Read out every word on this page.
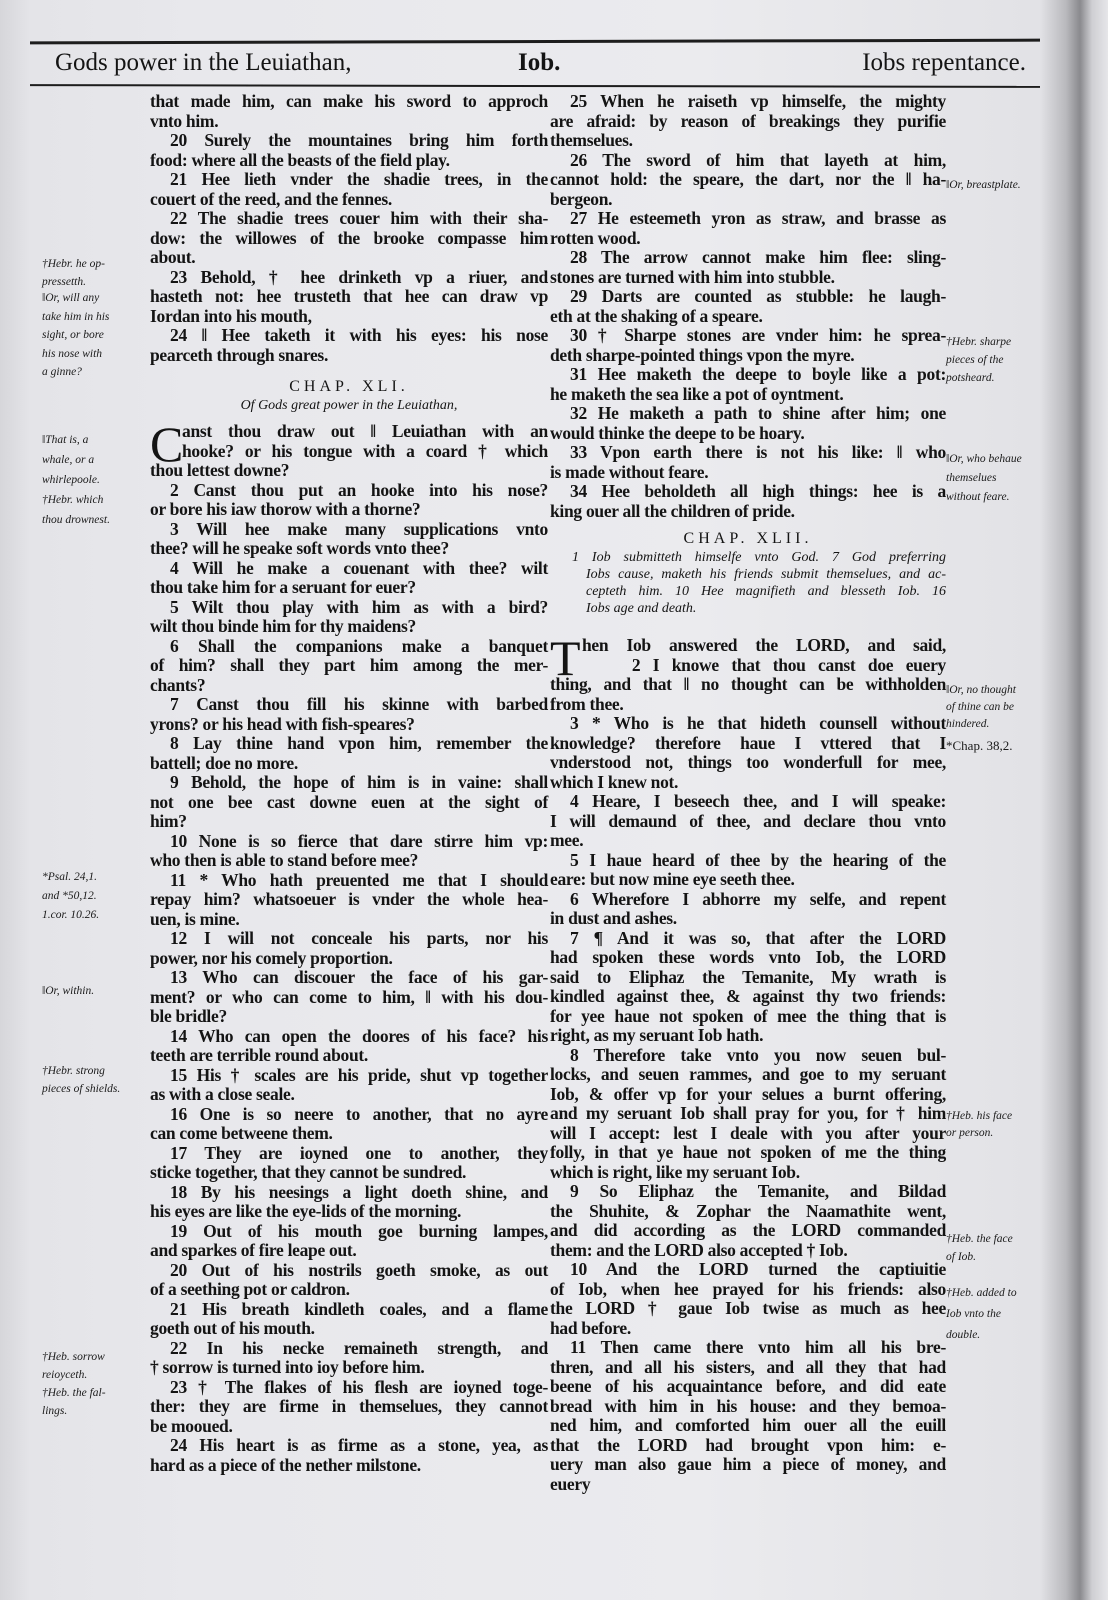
Gods power in the Leuiathan,	Iob.	Iobs repentance.
that made him, can make his sword to approch
vnto him.
20 Surely the mountaines bring him forth
food: where all the beasts of the field play.
21 Hee lieth vnder the shadie trees, in the
couert of the reed, and the fennes.
22 The shadie trees couer him with their sha-
dow: the willowes of the brooke compasse him
about.
23 Behold, † hee drinketh vp a riuer, and
hasteth not: hee trusteth that hee can draw vp
Iordan into his mouth,
24 ‖ Hee taketh it with his eyes: his nose
pearceth through snares.
CHAP. XLI.
Of Gods great power in the Leuiathan,
C
anst thou draw out ‖ Leuiathan with an
hooke? or his tongue with a coard † which
thou lettest downe?
2 Canst thou put an hooke into his nose?
or bore his iaw thorow with a thorne?
3 Will hee make many supplications vnto
thee? will he speake soft words vnto thee?
4 Will he make a couenant with thee? wilt
thou take him for a seruant for euer?
5 Wilt thou play with him as with a bird?
wilt thou binde him for thy maidens?
6 Shall the companions make a banquet
of him? shall they part him among the mer-
chants?
7 Canst thou fill his skinne with barbed
yrons? or his head with fish-speares?
8 Lay thine hand vpon him, remember the
battell; doe no more.
9 Behold, the hope of him is in vaine: shall
not one bee cast downe euen at the sight of
him?
10 None is so fierce that dare stirre him vp:
who then is able to stand before mee?
11 * Who hath preuented me that I should
repay him? whatsoeuer is vnder the whole hea-
uen, is mine.
12 I will not conceale his parts, nor his
power, nor his comely proportion.
13 Who can discouer the face of his gar-
ment? or who can come to him, ‖ with his dou-
ble bridle?
14 Who can open the doores of his face? his
teeth are terrible round about.
15 His † scales are his pride, shut vp together
as with a close seale.
16 One is so neere to another, that no ayre
can come betweene them.
17 They are ioyned one to another, they
sticke together, that they cannot be sundred.
18 By his neesings a light doeth shine, and
his eyes are like the eye-lids of the morning.
19 Out of his mouth goe burning lampes,
and sparkes of fire leape out.
20 Out of his nostrils goeth smoke, as out
of a seething pot or caldron.
21 His breath kindleth coales, and a flame
goeth out of his mouth.
22 In his necke remaineth strength, and
† sorrow is turned into ioy before him.
23 † The flakes of his flesh are ioyned toge-
ther: they are firme in themselues, they cannot
be mooued.
24 His heart is as firme as a stone, yea, as
hard as a piece of the nether milstone.
25 When he raiseth vp himselfe, the mighty
are afraid: by reason of breakings they purifie
themselues.
26 The sword of him that layeth at him,
cannot hold: the speare, the dart, nor the ‖ ha-
bergeon.
27 He esteemeth yron as straw, and brasse as
rotten wood.
28 The arrow cannot make him flee: sling-
stones are turned with him into stubble.
29 Darts are counted as stubble: he laugh-
eth at the shaking of a speare.
30 † Sharpe stones are vnder him: he sprea-
deth sharpe-pointed things vpon the myre.
31 Hee maketh the deepe to boyle like a pot:
he maketh the sea like a pot of oyntment.
32 He maketh a path to shine after him; one
would thinke the deepe to be hoary.
33 Vpon earth there is not his like: ‖ who
is made without feare.
34 Hee beholdeth all high things: hee is a
king ouer all the children of pride.
CHAP. XLII.
1 Iob submitteth himselfe vnto God. 7 God preferring
Iobs cause, maketh his friends submit themselues, and ac-
cepteth him. 10 Hee magnifieth and blesseth Iob. 16
Iobs age and death.
T hen Iob answered the LORD, and said,
2 I knowe that thou canst doe euery
thing, and that ‖ no thought can be withholden
from thee.
3 * Who is he that hideth counsell without
knowledge? therefore haue I vttered that I
vnderstood not, things too wonderfull for mee,
which I knew not.
4 Heare, I beseech thee, and I will speake:
I will demaund of thee, and declare thou vnto
mee.
5 I haue heard of thee by the hearing of the
eare: but now mine eye seeth thee.
6 Wherefore I abhorre my selfe, and repent
in dust and ashes.
7 ¶ And it was so, that after the LORD
had spoken these words vnto Iob, the LORD
said to Eliphaz the Temanite, My wrath is
kindled against thee, & against thy two friends:
for yee haue not spoken of mee the thing that is
right, as my seruant Iob hath.
8 Therefore take vnto you now seuen bul-
locks, and seuen rammes, and goe to my seruant
Iob, & offer vp for your selues a burnt offering,
and my seruant Iob shall pray for you, for † him
will I accept: lest I deale with you after your
folly, in that ye haue not spoken of me the thing
which is right, like my seruant Iob.
9 So Eliphaz the Temanite, and Bildad
the Shuhite, & Zophar the Naamathite went,
and did according as the LORD commanded
them: and the LORD also accepted † Iob.
10 And the LORD turned the captiuitie
of Iob, when hee prayed for his friends: also
the LORD † gaue Iob twise as much as hee
had before.
11 Then came there vnto him all his bre-
thren, and all his sisters, and all they that had
beene of his acquaintance before, and did eate
bread with him in his house: and they bemoa-
ned him, and comforted him ouer all the euill
that the LORD had brought vpon him: e-
uery man also gaue him a piece of money, and
euery
†Hebr. he op-
pressetth.
‖Or, will any
take him in his
sight, or bore
his nose with
a ginne?
‖That is, a
whale, or a
whirlepoole.
†Hebr. which
thou drownest.
*Psal. 24,1.
and *50,12.
1.cor. 10.26.
‖Or, within.
†Hebr. strong
pieces of shields.
†Heb. sorrow
reioyceth.
†Heb. the fal-
lings.
‖Or, breastplate.
†Hebr. sharpe
pieces of the
potsheard.
‖Or, who behaue
themselues
without feare.
‖Or, no thought
of thine can be
hindered.
*Chap. 38,2.
†Heb. his face
or person.
†Heb. the face
of Iob.
†Heb. added to
Iob vnto the
double.
